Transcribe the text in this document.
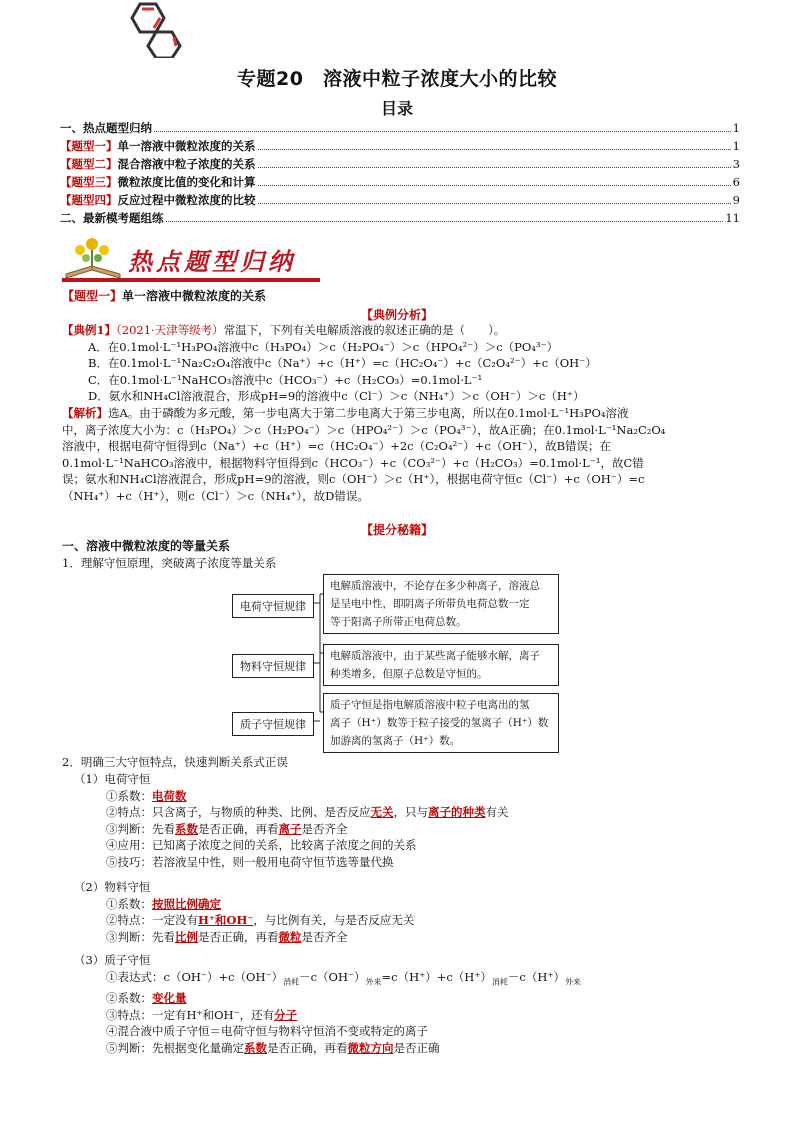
专题20　溶液中粒子浓度大小的比较
目录
一、热点题型归纳	1
【题型一】单一溶液中微粒浓度的关系	1
【题型二】混合溶液中粒子浓度的关系	3
【题型三】微粒浓度比值的变化和计算	6
【题型四】反应过程中微粒浓度的比较	9
二、最新模考题组练	11
热点题型归纳
【题型一】单一溶液中微粒浓度的关系
【典例分析】
【典例1】（2021·天津等级考）常温下，下列有关电解质溶液的叙述正确的是（　　）。
A．在0.1mol·L⁻¹H₃PO₄溶液中c（H₃PO₄）＞c（H₂PO₄⁻）＞c（HPO₄²⁻）＞c（PO₄³⁻）
B．在0.1mol·L⁻¹Na₂C₂O₄溶液中c（Na⁺）+c（H⁺）=c（HC₂O₄⁻）+c（C₂O₄²⁻）+c（OH⁻）
C．在0.1mol·L⁻¹NaHCO₃溶液中c（HCO₃⁻）+c（H₂CO₃）=0.1mol·L⁻¹
D．氨水和NH₄Cl溶液混合，形成pH=9的溶液中c（Cl⁻）＞c（NH₄⁺）＞c（OH⁻）＞c（H⁺）
【解析】选A。由于磷酸为多元酸，第一步电离大于第二步电离大于第三步电离，所以在0.1mol·L⁻¹H₃PO₄溶液
中，离子浓度大小为：c（H₃PO₄）＞c（H₂PO₄⁻）＞c（HPO₄²⁻）＞c（PO₄³⁻），故A正确；在0.1mol·L⁻¹Na₂C₂O₄
溶液中，根据电荷守恒得到c（Na⁺）+c（H⁺）=c（HC₂O₄⁻）+2c（C₂O₄²⁻）+c（OH⁻），故B错误；在
0.1mol·L⁻¹NaHCO₃溶液中，根据物料守恒得到c（HCO₃⁻）+c（CO₃²⁻）+c（H₂CO₃）=0.1mol·L⁻¹，故C错
误；氨水和NH₄Cl溶液混合，形成pH=9的溶液，则c（OH⁻）＞c（H⁺），根据电荷守恒c（Cl⁻）+c（OH⁻）=c
（NH₄⁺）+c（H⁺），则c（Cl⁻）＞c（NH₄⁺），故D错误。
【提分秘籍】
一、溶液中微粒浓度的等量关系
1．理解守恒原理，突破离子浓度等量关系
电荷守恒规律
物料守恒规律
质子守恒规律
电解质溶液中，不论存在多少种离子，溶液总
是呈电中性，即阴离子所带负电荷总数一定
等于阳离子所带正电荷总数。
电解质溶液中，由于某些离子能够水解，离子
种类增多，但原子总数是守恒的。
质子守恒是指电解质溶液中粒子电离出的氢
离子（H⁺）数等于粒子接受的氢离子（H⁺）数
加游离的氢离子（H⁺）数。
2．明确三大守恒特点，快速判断关系式正误
（1）电荷守恒
①系数：电荷数
②特点：只含离子，与物质的种类、比例、是否反应无关，只与离子的种类有关
③判断：先看系数是否正确，再看离子是否齐全
④应用：已知离子浓度之间的关系，比较离子浓度之间的关系
⑤技巧：若溶液呈中性，则一般用电荷守恒节选等量代换
（2）物料守恒
①系数：按照比例确定
②特点：一定没有H⁺和OH⁻，与比例有关，与是否反应无关
③判断：先看比例是否正确，再看微粒是否齐全
（3）质子守恒
①表达式：$c(OH^-)+c(OH^-)_{消耗}-c(OH^-)_{外来}=c(H^+)+c(H^+)_{消耗}-c(H^+)_{外来}$
②系数：变化量
③特点：一定有H⁺和OH⁻，还有分子
④混合液中质子守恒＝电荷守恒与物料守恒消不变或特定的离子
⑤判断：先根据变化量确定系数是否正确，再看微粒方向是否正确
